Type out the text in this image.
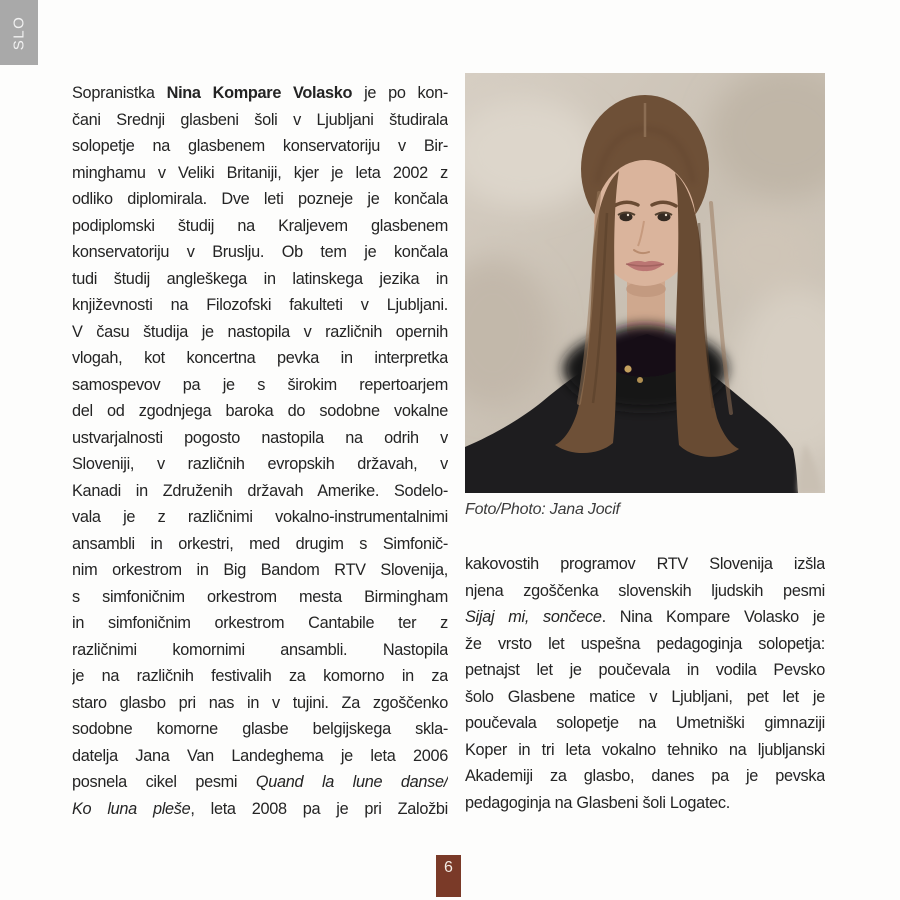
SLO
Sopranistka Nina Kompare Volasko je po kon-
čani Srednji glasbeni šoli v Ljubljani študirala
solopetje na glasbenem konservatoriju v Bir-
minghamu v Veliki Britaniji, kjer je leta 2002 z
odliko diplomirala. Dve leti pozneje je končala
podiplomski študij na Kraljevem glasbenem
konservatoriju v Bruslju. Ob tem je končala
tudi študij angleškega in latinskega jezika in
književnosti na Filozofski fakulteti v Ljubljani.
V času študija je nastopila v različnih opernih
vlogah, kot koncertna pevka in interpretka
samospevov pa je s širokim repertoarjem
del od zgodnjega baroka do sodobne vokalne
ustvarjalnosti pogosto nastopila na odrih v
Sloveniji, v različnih evropskih državah, v
Kanadi in Združenih državah Amerike. Sodelo-
vala je z različnimi vokalno-instrumentalnimi
ansambli in orkestri, med drugim s Simfonič-
nim orkestrom in Big Bandom RTV Slovenija,
s simfoničnim orkestrom mesta Birmingham
in simfoničnim orkestrom Cantabile ter z
različnimi komornimi ansambli. Nastopila
je na različnih festivalih za komorno in za
staro glasbo pri nas in v tujini. Za zgoščenko
sodobne komorne glasbe belgijskega skla-
datelja Jana Van Landeghema je leta 2006
posnela cikel pesmi Quand la lune danse/
Ko luna pleše, leta 2008 pa je pri Založbi
Foto/Photo: Jana Jocif
kakovostih programov RTV Slovenija izšla
njena zgoščenka slovenskih ljudskih pesmi
Sijaj mi, sončece. Nina Kompare Volasko je
že vrsto let uspešna pedagoginja solopetja:
petnajst let je poučevala in vodila Pevsko
šolo Glasbene matice v Ljubljani, pet let je
poučevala solopetje na Umetniški gimnaziji
Koper in tri leta vokalno tehniko na ljubljanski
Akademiji za glasbo, danes pa je pevska
pedagoginja na Glasbeni šoli Logatec.
6
